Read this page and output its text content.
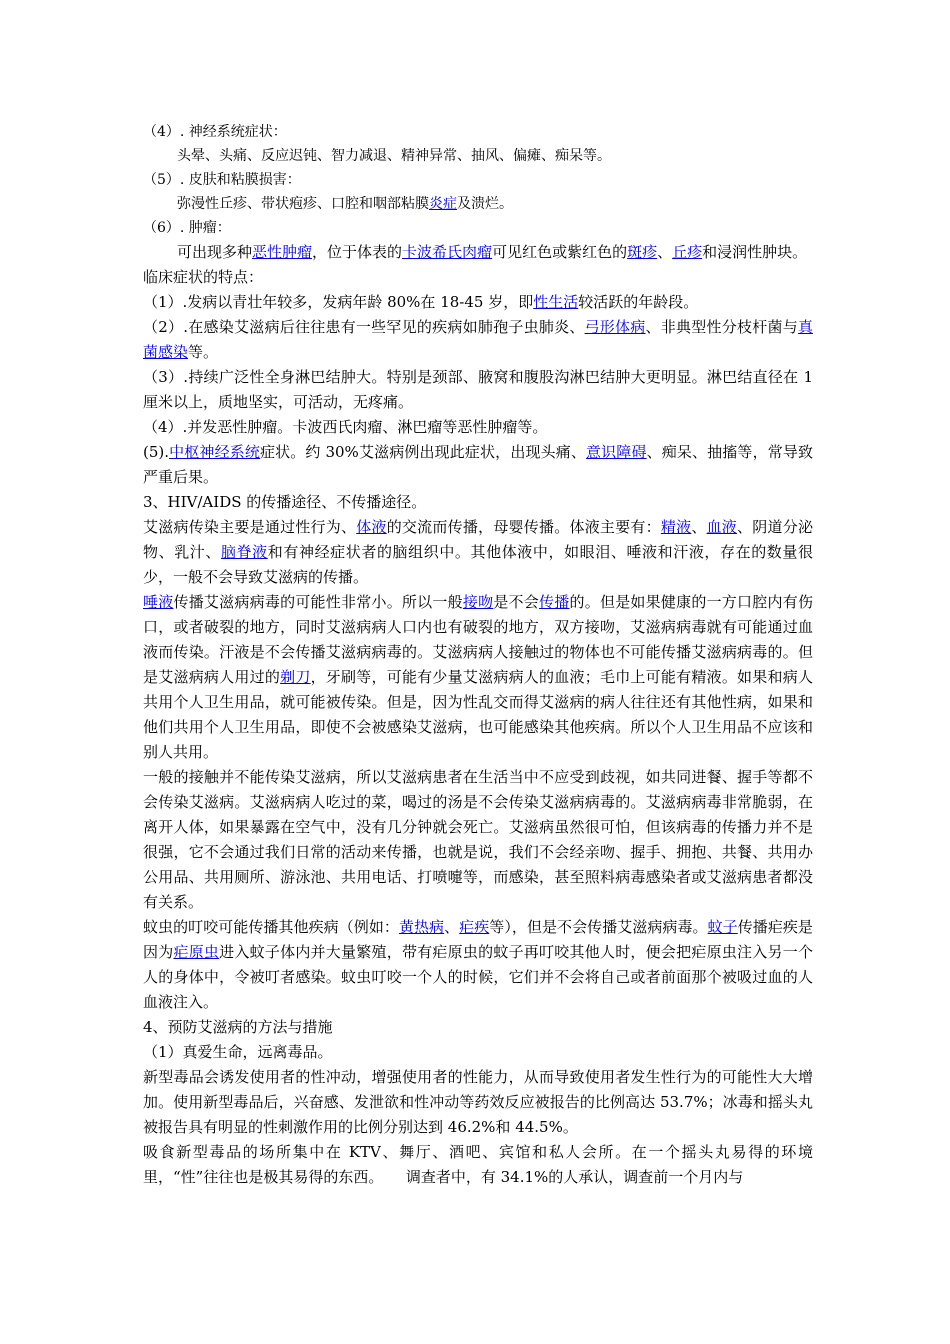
（4）. 神经系统症状：

头晕、头痛、反应迟钝、智力减退、精神异常、抽风、偏瘫、痴呆等。

（5）. 皮肤和粘膜损害：

弥漫性丘疹、带状疱疹、口腔和咽部粘膜炎症及溃烂。

（6）. 肿瘤：

可出现多种恶性肿瘤，位于体表的卡波希氏肉瘤可见红色或紫红色的斑疹、丘疹和浸润性肿块。

临床症状的特点：

（1）.发病以青壮年较多，发病年龄 80%在 18-45 岁，即性生活较活跃的年龄段。

（2）.在感染艾滋病后往往患有一些罕见的疾病如肺孢子虫肺炎、弓形体病、非典型性分枝杆菌与真菌感染等。

（3）.持续广泛性全身淋巴结肿大。特别是颈部、腋窝和腹股沟淋巴结肿大更明显。淋巴结直径在 1 厘米以上，质地坚实，可活动，无疼痛。

（4）.并发恶性肿瘤。卡波西氏肉瘤、淋巴瘤等恶性肿瘤等。

(5).中枢神经系统症状。约 30%艾滋病例出现此症状，出现头痛、意识障碍、痴呆、抽搐等，常导致严重后果。

3、HIV/AIDS 的传播途径、不传播途径。

艾滋病传染主要是通过性行为、体液的交流而传播，母婴传播。体液主要有：精液、血液、阴道分泌物、乳汁、脑脊液和有神经症状者的脑组织中。其他体液中，如眼泪、唾液和汗液，存在的数量很少，一般不会导致艾滋病的传播。

唾液传播艾滋病病毒的可能性非常小。所以一般接吻是不会传播的。但是如果健康的一方口腔内有伤口，或者破裂的地方，同时艾滋病病人口内也有破裂的地方，双方接吻，艾滋病病毒就有可能通过血液而传染。汗液是不会传播艾滋病病毒的。艾滋病病人接触过的物体也不可能传播艾滋病病毒的。但是艾滋病病人用过的剃刀，牙刷等，可能有少量艾滋病病人的血液；毛巾上可能有精液。如果和病人共用个人卫生用品，就可能被传染。但是，因为性乱交而得艾滋病的病人往往还有其他性病，如果和他们共用个人卫生用品，即使不会被感染艾滋病，也可能感染其他疾病。所以个人卫生用品不应该和别人共用。

一般的接触并不能传染艾滋病，所以艾滋病患者在生活当中不应受到歧视，如共同进餐、握手等都不会传染艾滋病。艾滋病病人吃过的菜，喝过的汤是不会传染艾滋病病毒的。艾滋病病毒非常脆弱，在离开人体，如果暴露在空气中，没有几分钟就会死亡。艾滋病虽然很可怕，但该病毒的传播力并不是很强，它不会通过我们日常的活动来传播，也就是说，我们不会经亲吻、握手、拥抱、共餐、共用办公用品、共用厕所、游泳池、共用电话、打喷嚏等，而感染，甚至照料病毒感染者或艾滋病患者都没有关系。

蚊虫的叮咬可能传播其他疾病（例如：黄热病、疟疾等），但是不会传播艾滋病病毒。蚊子传播疟疾是因为疟原虫进入蚊子体内并大量繁殖，带有疟原虫的蚊子再叮咬其他人时，便会把疟原虫注入另一个人的身体中，令被叮者感染。蚊虫叮咬一个人的时候，它们并不会将自己或者前面那个被吸过血的人血液注入。

4、预防艾滋病的方法与措施

（1）真爱生命，远离毒品。

新型毒品会诱发使用者的性冲动，增强使用者的性能力，从而导致使用者发生性行为的可能性大大增加。使用新型毒品后，兴奋感、发泄欲和性冲动等药效反应被报告的比例高达 53.7%；冰毒和摇头丸被报告具有明显的性刺激作用的比例分别达到 46.2%和 44.5%。

吸食新型毒品的场所集中在 KTV、舞厅、酒吧、宾馆和私人会所。在一个摇头丸易得的环境里，“性”往往也是极其易得的东西。　　调查者中，有 34.1%的人承认，调查前一个月内与
